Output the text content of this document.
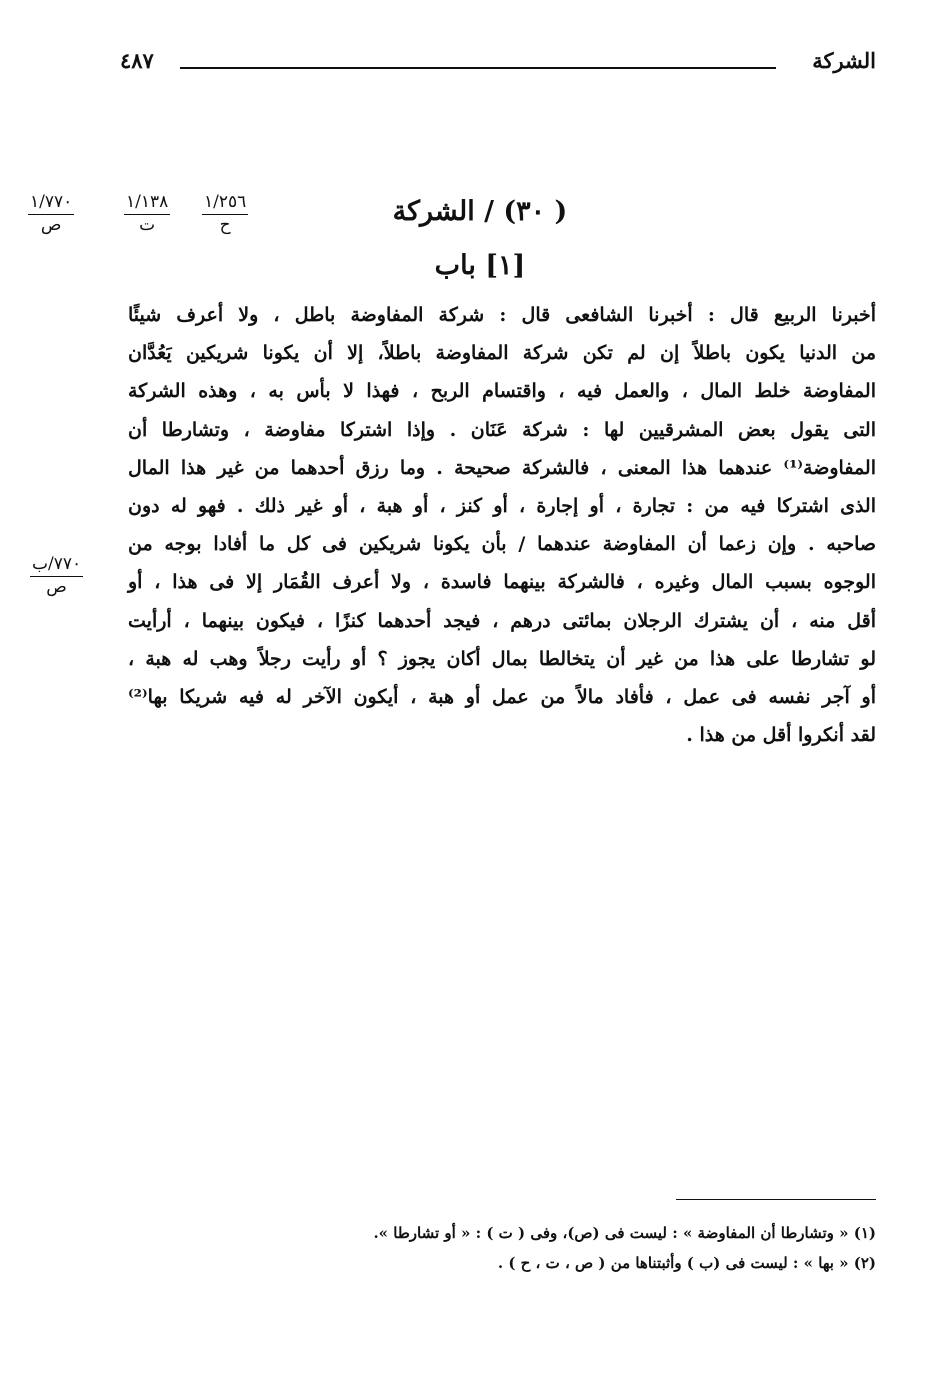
الشركة
٤٨٧
١/٧٧٠
ص
١/١٣٨
ت
١/٢٥٦
ح	( ٣٠) / الشركة
[١] باب
أخبرنا الربيع قال : أخبرنا الشافعى قال : شركة المفاوضة باطل ، ولا أعرف شيئًا
من الدنيا يكون باطلاً إن لم تكن شركة المفاوضة باطلاً، إلا أن يكونا شريكين يَعُدَّان
المفاوضة خلط المال ، والعمل فيه ، واقتسام الربح ، فهذا لا بأس به ، وهذه الشركة
التى يقول بعض المشرقيين لها : شركة عَنَان . وإذا اشتركا مفاوضة ، وتشارطا أن
المفاوضة⁽¹⁾ عندهما هذا المعنى ، فالشركة صحيحة . وما رزق أحدهما من غير هذا المال
الذى اشتركا فيه من : تجارة ، أو إجارة ، أو كنز ، أو هبة ، أو غير ذلك . فهو له دون
صاحبه . وإن زعما أن المفاوضة عندهما / بأن يكونا شريكين فى كل ما أفادا بوجه من
الوجوه بسبب المال وغيره ، فالشركة بينهما فاسدة ، ولا أعرف القُمَار إلا فى هذا ، أو
أقل منه ، أن يشترك الرجلان بمائتى درهم ، فيجد أحدهما كنزًا ، فيكون بينهما ، أرأيت
لو تشارطا على هذا من غير أن يتخالطا بمال أكان يجوز ؟ أو رأيت رجلاً وهب له هبة ،
أو آجر نفسه فى عمل ، فأفاد مالاً من عمل أو هبة ، أيكون الآخر له فيه شريكا بها⁽²⁾
لقد أنكروا أقل من هذا .
٧٧٠/ب
ص
(١) « وتشارطا أن المفاوضة » : ليست فى (ص)، وفى ( ت ) : « أو تشارطا ».
(٢) « بها » : ليست فى (ب ) وأثبتناها من ( ص ، ت ، ح ) .
